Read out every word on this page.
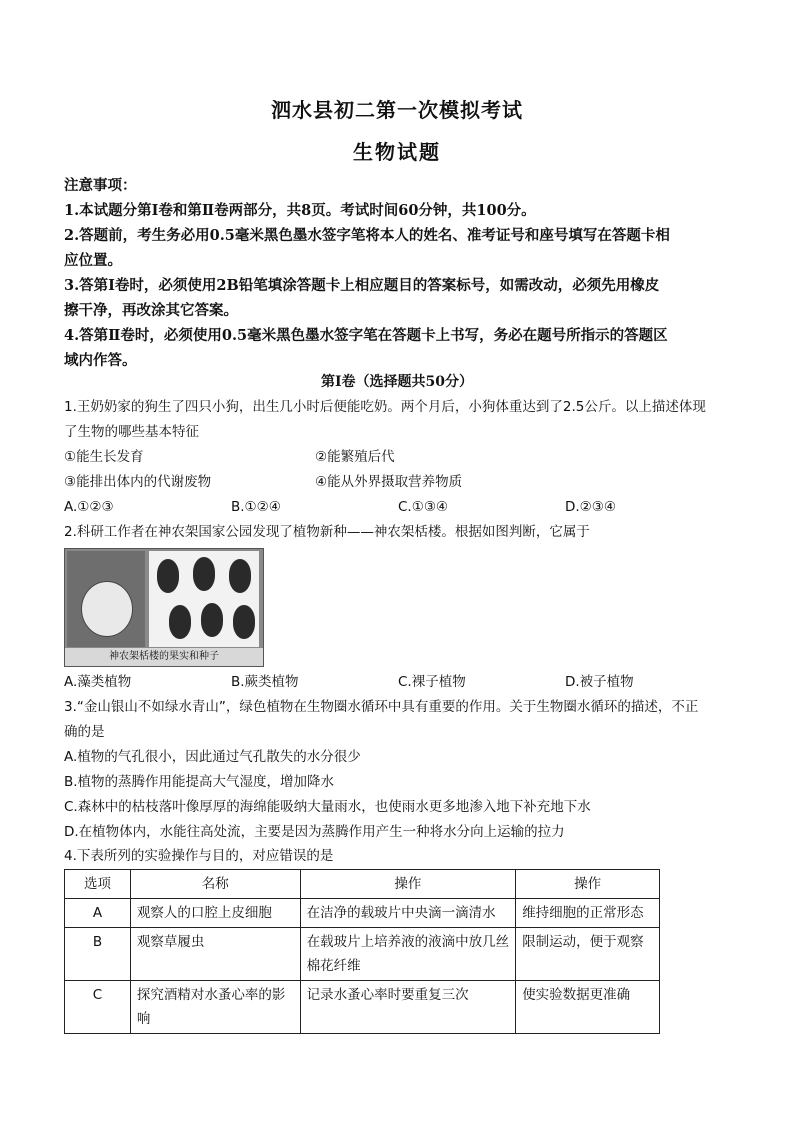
泗水县初二第一次模拟考试
生物试题
注意事项：
1.本试题分第Ⅰ卷和第Ⅱ卷两部分，共8页。考试时间60分钟，共100分。
2.答题前，考生务必用0.5毫米黑色墨水签字笔将本人的姓名、准考证号和座号填写在答题卡相
应位置。
3.答第Ⅰ卷时，必须使用2B铅笔填涂答题卡上相应题目的答案标号，如需改动，必须先用橡皮
擦干净，再改涂其它答案。
4.答第Ⅱ卷时，必须使用0.5毫米黑色墨水签字笔在答题卡上书写，务必在题号所指示的答题区
域内作答。
第Ⅰ卷（选择题共50分）
1.王奶奶家的狗生了四只小狗，出生几小时后便能吃奶。两个月后，小狗体重达到了2.5公斤。以上描述体现
了生物的哪些基本特征
①能生长发育	②能繁殖后代
③能排出体内的代谢废物	④能从外界摄取营养物质
A.①②③	B.①②④	C.①③④	D.②③④
2.科研工作者在神农架国家公园发现了植物新种——神农架栝楼。根据如图判断，它属于
神农架栝楼的果实和种子
A.藻类植物	B.蕨类植物	C.裸子植物	D.被子植物
3.“金山银山不如绿水青山”，绿色植物在生物圈水循环中具有重要的作用。关于生物圈水循环的描述，不正
确的是
A.植物的气孔很小，因此通过气孔散失的水分很少
B.植物的蒸腾作用能提高大气湿度，增加降水
C.森林中的枯枝落叶像厚厚的海绵能吸纳大量雨水，也使雨水更多地渗入地下补充地下水
D.在植物体内，水能往高处流，主要是因为蒸腾作用产生一种将水分向上运输的拉力
4.下表所列的实验操作与目的，对应错误的是
选项	名称	操作	操作
A	观察人的口腔上皮细胞	在洁净的载玻片中央滴一滴清水	维持细胞的正常形态
B	观察草履虫	在载玻片上培养液的液滴中放几丝棉花纤维	限制运动，便于观察
C	探究酒精对水蚤心率的影响	记录水蚤心率时要重复三次	使实验数据更准确
